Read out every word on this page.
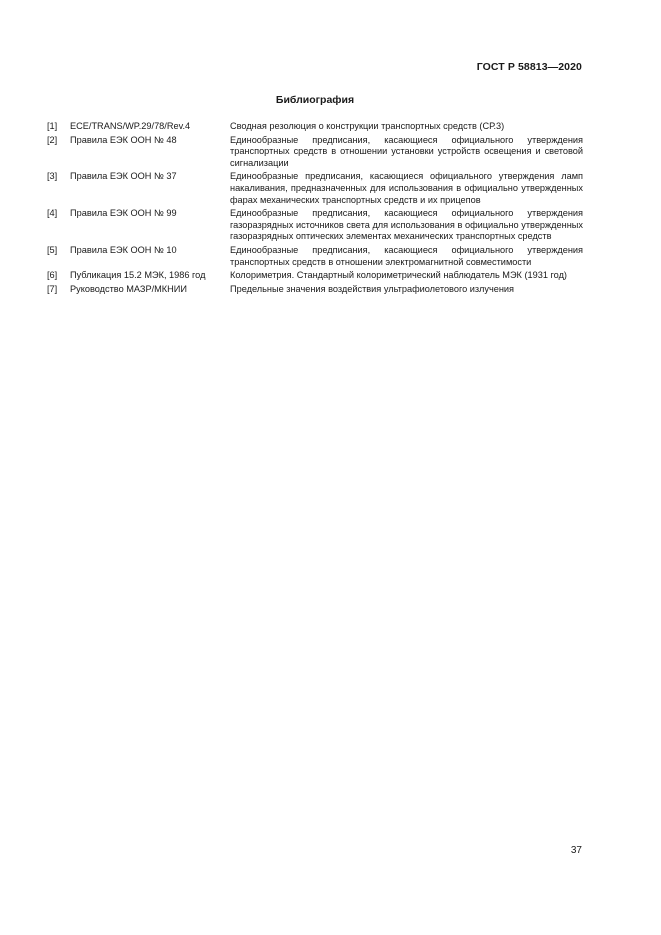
ГОСТ Р 58813—2020
Библиография
[1]	ECE/TRANS/WP.29/78/Rev.4	Сводная резолюция о конструкции транспортных средств (СР.3)
[2]	Правила ЕЭК ООН № 48	Единообразные предписания, касающиеся официального утверждения транспортных средств в отношении установки устройств освещения и световой сигнализации
[3]	Правила ЕЭК ООН № 37	Единообразные предписания, касающиеся официального утверждения ламп накаливания, предназначенных для использования в официально утвержденных фарах механических транспортных средств и их прицепов
[4]	Правила ЕЭК ООН № 99	Единообразные предписания, касающиеся официального утверждения газоразрядных источников света для использования в официально утвержденных газоразрядных оптических элементах механических транспортных средств
[5]	Правила ЕЭК ООН № 10	Единообразные предписания, касающиеся официального утверждения транспортных средств в отношении электромагнитной совместимости
[6]	Публикация 15.2 МЭК, 1986 год	Колориметрия. Стандартный колориметрический наблюдатель МЭК (1931 год)
[7]	Руководство МАЗР/МКНИИ	Предельные значения воздействия ультрафиолетового излучения
37
